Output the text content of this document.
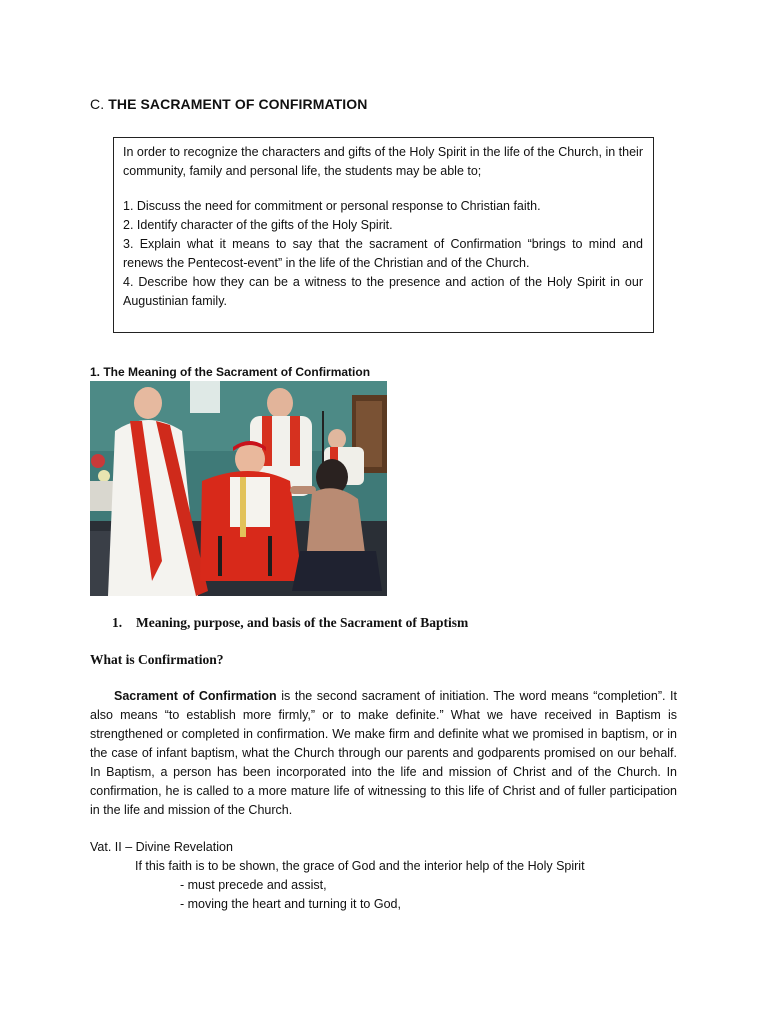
C. THE SACRAMENT OF CONFIRMATION

In order to recognize the characters and gifts of the Holy Spirit in the life of the Church, in their community, family and personal life, the students may be able to;

1. Discuss the need for commitment or personal response to Christian faith.

2. Identify character of the gifts of the Holy Spirit.

3. Explain what it means to say that the sacrament of Confirmation “brings to mind and renews the Pentecost-event” in the life of the Christian and of the Church.

4. Describe how they can be a witness to the presence and action of the Holy Spirit in our Augustinian family.

1. The Meaning of the Sacrament of Confirmation
1. Meaning, purpose, and basis of the Sacrament of Baptism
What is Confirmation?

Sacrament of Confirmation is the second sacrament of initiation. The word means “completion”. It also means “to establish more firmly,” or to make definite.” What we have received in Baptism is strengthened or completed in confirmation. We make firm and definite what we promised in baptism, or in the case of infant baptism, what the Church through our parents and godparents promised on our behalf. In Baptism, a person has been incorporated into the life and mission of Christ and of the Church. In confirmation, he is called to a more mature life of witnessing to this life of Christ and of fuller participation in the life and mission of the Church.

Vat. II – Divine Revelation
If this faith is to be shown, the grace of God and the interior help of the Holy Spirit
- must precede and assist,
- moving the heart and turning it to God,
